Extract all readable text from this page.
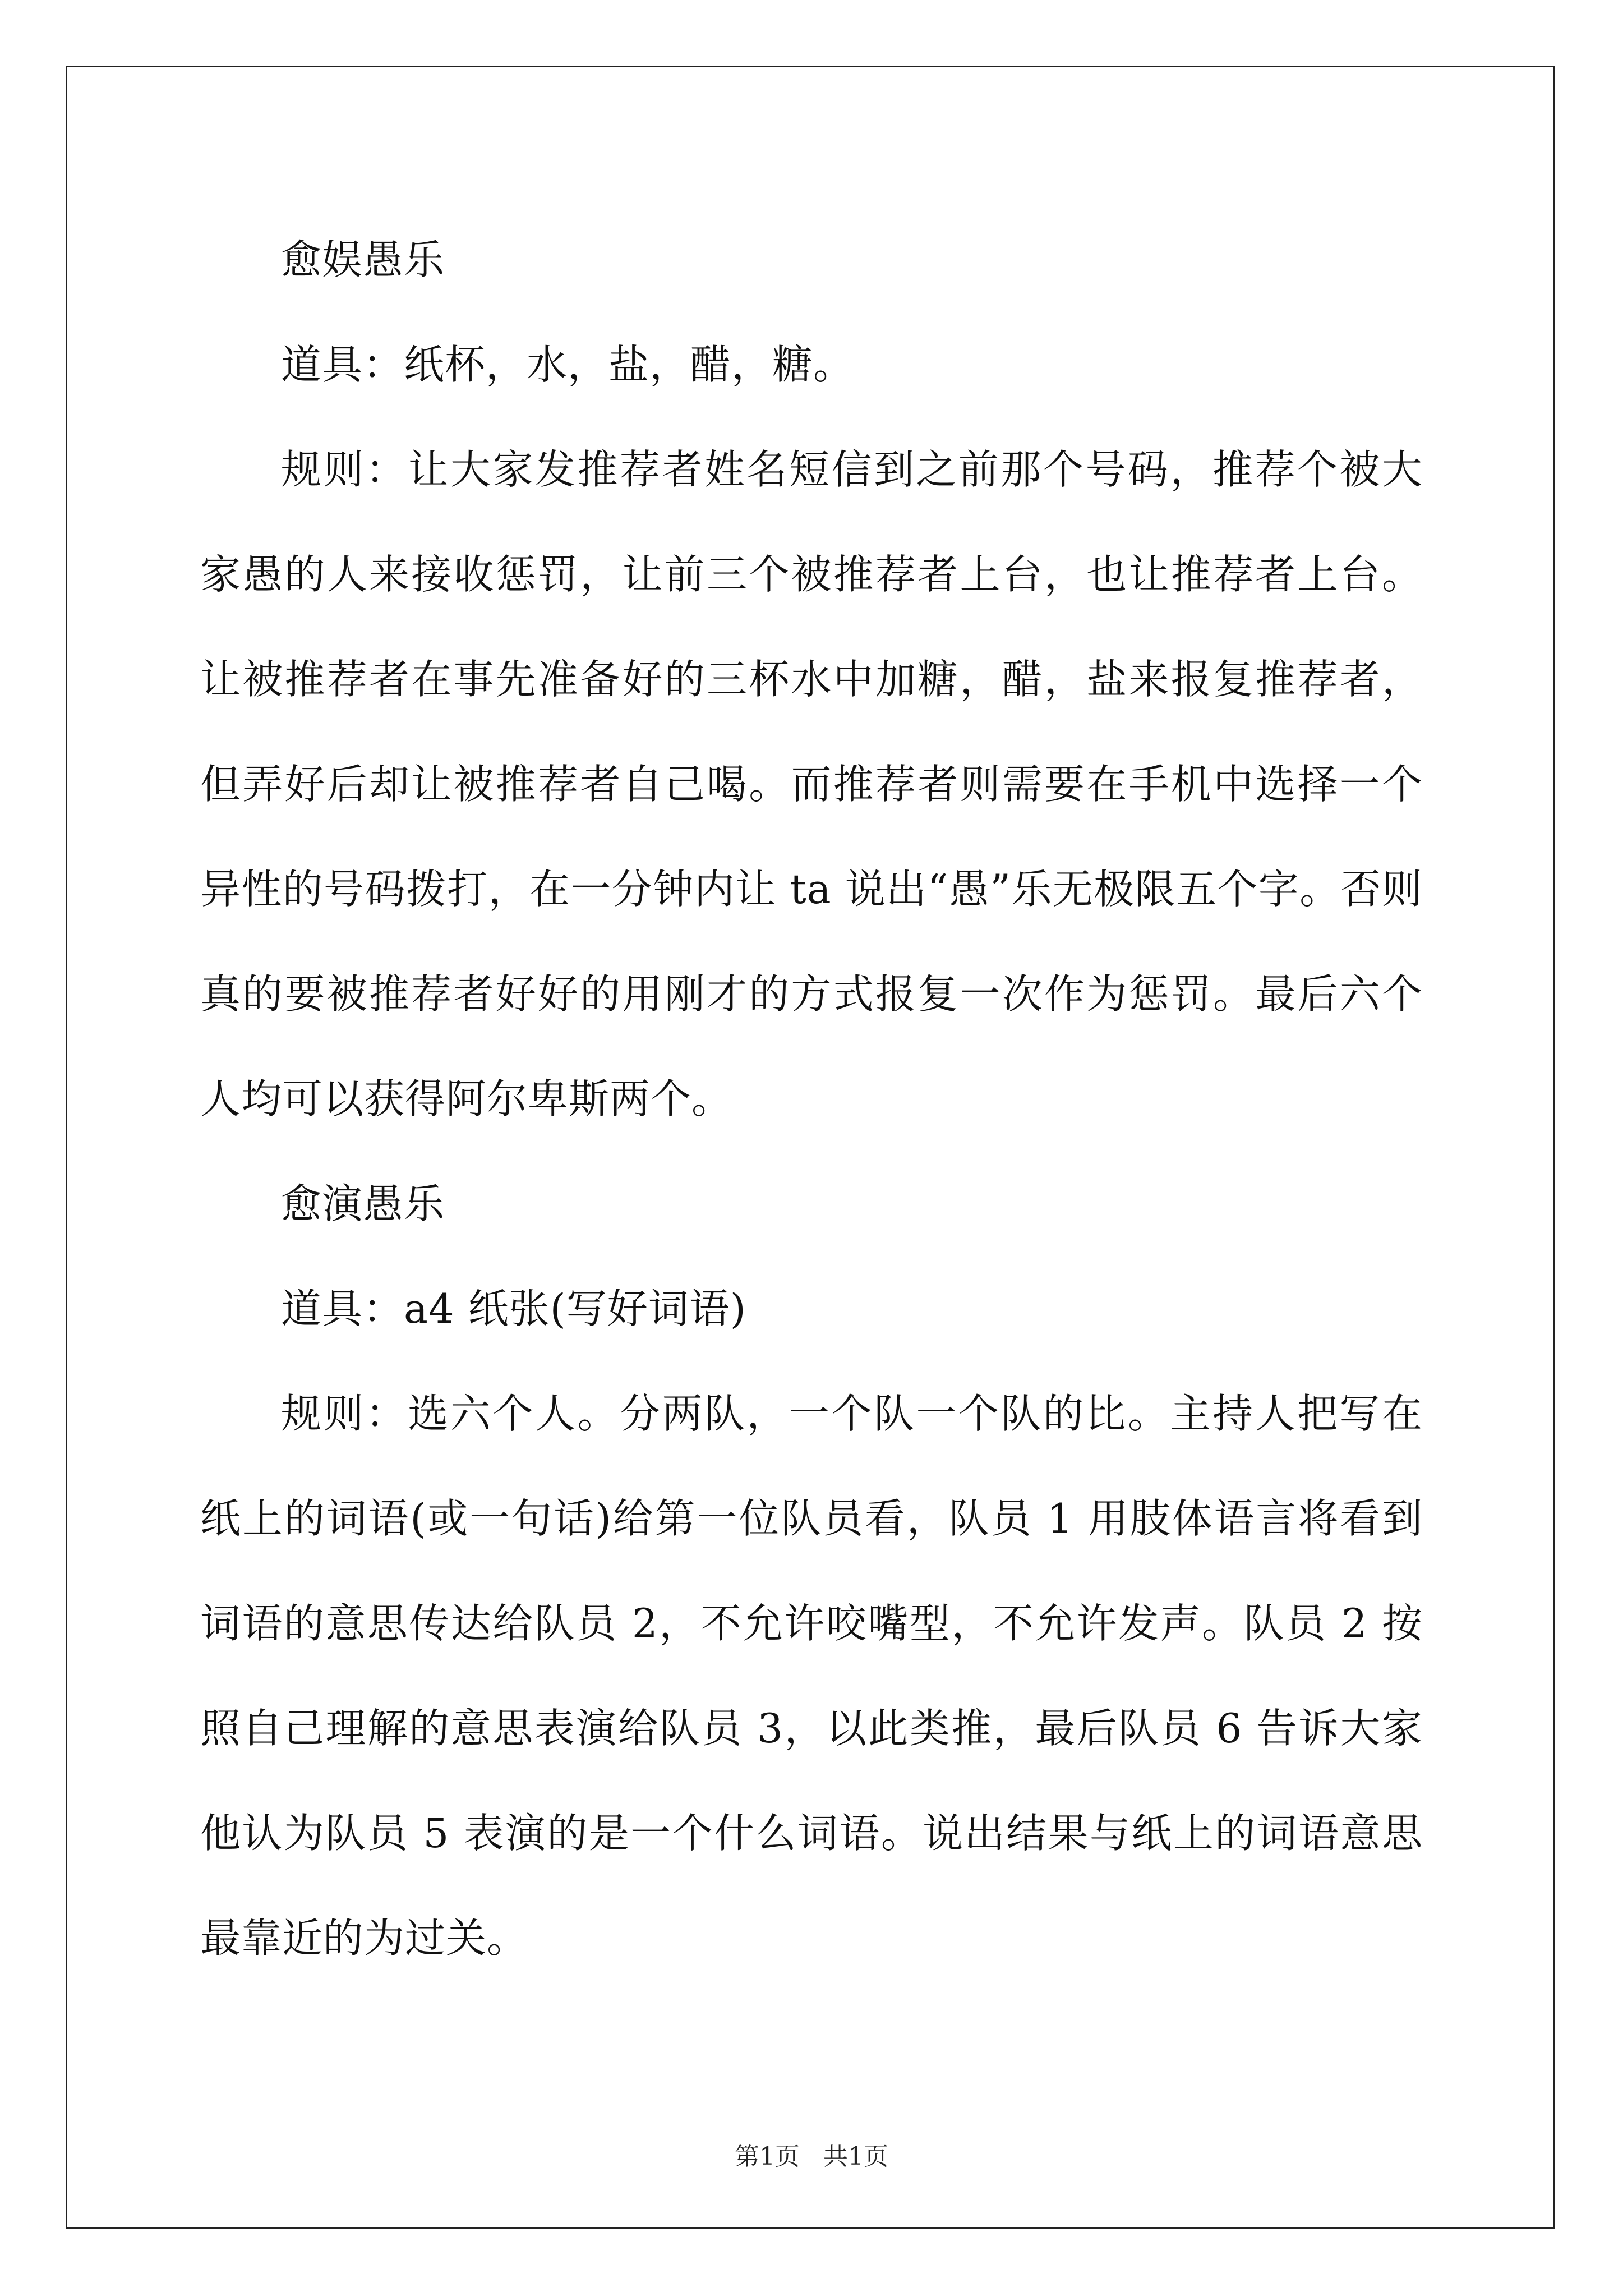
愈娱愚乐

道具：纸杯，水，盐，醋，糖。

规则：让大家发推荐者姓名短信到之前那个号码，推荐个被大家愚的人来接收惩罚，让前三个被推荐者上台，也让推荐者上台。让被推荐者在事先准备好的三杯水中加糖，醋，盐来报复推荐者，但弄好后却让被推荐者自己喝。而推荐者则需要在手机中选择一个异性的号码拨打，在一分钟内让 ta 说出“愚”乐无极限五个字。否则真的要被推荐者好好的用刚才的方式报复一次作为惩罚。最后六个人均可以获得阿尔卑斯两个。

愈演愚乐

道具：a4 纸张(写好词语)

规则：选六个人。分两队，一个队一个队的比。主持人把写在纸上的词语(或一句话)给第一位队员看，队员 1 用肢体语言将看到词语的意思传达给队员 2，不允许咬嘴型，不允许发声。队员 2 按照自己理解的意思表演给队员 3，以此类推，最后队员 6 告诉大家他认为队员 5 表演的是一个什么词语。说出结果与纸上的词语意思最靠近的为过关。

第1页 共1页
